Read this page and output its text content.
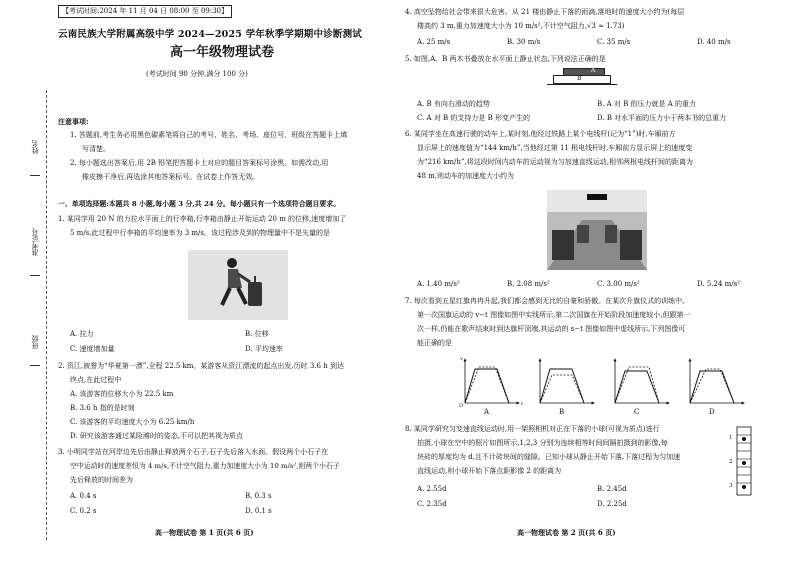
姓名
准考证号
班级
【考试时间:2024 年 11 月 04 日 08:00 至 09:30】
云南民族大学附属高级中学 2024—2025 学年秋季学期期中诊断测试
高一年级物理试卷
(考试时间 90 分钟,满分 100 分)
注意事项:
1. 答题前,考生务必用黑色碳素笔将自己的考号、姓名、考场、座位号、班级在答题卡上填
写清楚。
2. 每小题选出答案后,用 2B 铅笔把答题卡上对应的题目答案标号涂黑。如需改动,用
橡皮擦干净后,再选涂其他答案标号。在试卷上作答无效。
一、单项选择题:本题共 8 小题,每小题 3 分,共 24 分。每小题只有一个选项符合题目要求。
1. 某同学用 20 N 的力拉水平面上的行李箱,行李箱由静止开始运动 20 m 的位移,速度增加了
5 m/s,此过程中行李箱的平均速率为 3 m/s。该过程涉及到的物理量中不是矢量的是
A. 拉力	B. 位移
C. 速度增加量	D. 平均速率
2. 资江,被誉为“华夏第一漂”,全程 22.5 km。某游客从资江漂流的起点出发,历时 3.6 h 到达
终点,在此过程中
A. 该游客的位移大小为 22.5 km
B. 3.6 h 指的是时刻
C. 该游客的平均速度大小为 6.25 km/h
D. 研究该游客通过某险滩时的姿态,不可以把其视为质点
3. 小明同学站在河岸边先后由静止释放两个石子,石子先后落入水面。假设两个小石子在
空中运动时的速度差恒为 4 m/s,不计空气阻力,重力加速度大小为 10 m/s²,则两个小石子
先后释放的时间差为
A. 0.4 s	B. 0.3 s
C. 0.2 s	D. 0.1 s
高一物理试卷 第 1 页(共 6 页)
4. 高空坠物给社会带来很大危害。从 21 楼由静止下落的雨滴,落地时的速度大小约为(每层
楼高约 3 m,重力加速度大小为 10 m/s²,不计空气阻力,√3 ≈ 1.73)
A. 25 m/s	B. 30 m/s	C. 35 m/s	D. 40 m/s
5. 如图,A、B 两木书叠放在水平面上静止状态,下列说法正确的是
A
B
A. B 有向右滑动的趋势	B. A 对 B 的压力就是 A 的重力
C. A 对 B 的支持力是 B 形变产生的	D. B 对水平面的压力小于两本书的总重力
6. 某同学坐在高速行驶的动车上,某时刻,他经过铁路上某个电线杆(记为“1”)时,车厢前方
显示屏上的速度值为“144 km/h”,当他经过第 11 根电线杆时,车厢前方显示屏上的速度变
为“216 km/h”,将这段时间内动车的运动视为匀加速直线运动,相邻两根电线杆间的距离为
48 m,则动车的加速度大小约为
A. 1.40 m/s²	B. 2.08 m/s²	C. 3.00 m/s²	D. 5.24 m/s²
7. 每次看到五星红旗冉冉升起,我们都会感到无比的自豪和骄傲。在某次升旗仪式的训练中,
第一次国旗运动的 v−t 图像如图中实线所示,第二次国旗在开始阶段加速度较小,但跟第一
次一样,仍能在歌声结束时到达旗杆顶端,其运动的 s−t 图像如图中虚线所示,下列图像可
能正确的是
v
t
O
A	B	C	D
8. 某同学研究匀变速直线运动时,用一架照相机对正在下落的小球(可视为质点)进行
拍摄,小球在空中的照片如图所示,1,2,3 分别为连续相等时间间隔拍摄到的影像,每
块砖的厚度均为 d,且不计砖块间的缝隙。已知小球从静止开始下落,下落过程为匀加速
直线运动,则小球开始下落点距影像 2 的距离为
1
2
3
A. 2.55d	B. 2.45d
C. 2.35d	D. 2.25d
高一物理试卷 第 2 页(共 6 页)
